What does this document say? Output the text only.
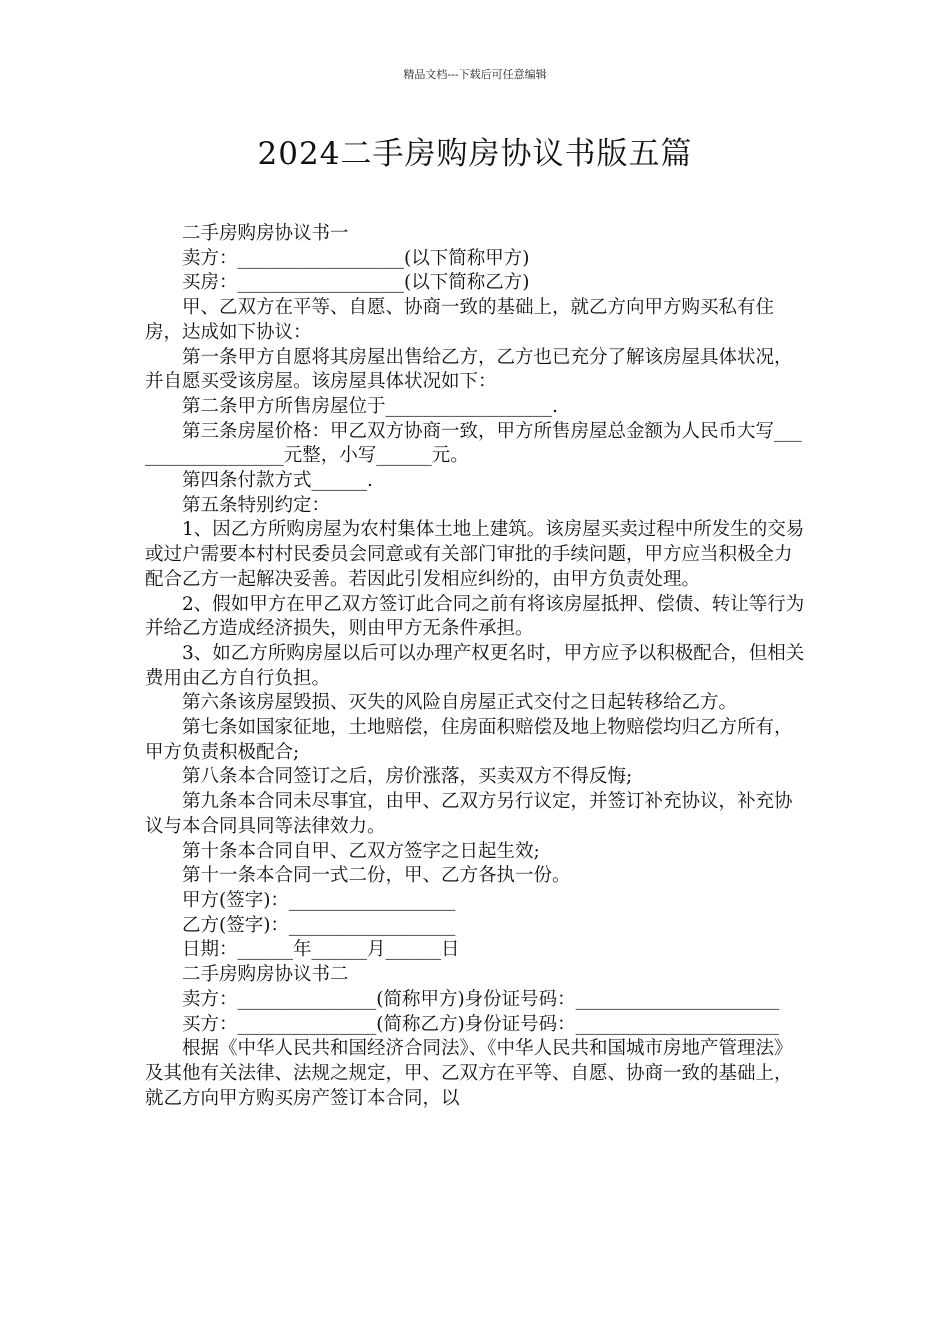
精品文档---下载后可任意编辑
2024二手房购房协议书版五篇

二手房购房协议书一

卖方：__________________(以下简称甲方)

买房：__________________(以下简称乙方)

甲、乙双方在平等、自愿、协商一致的基础上，就乙方向甲方购买私有住房，达成如下协议：

第一条甲方自愿将其房屋出售给乙方，乙方也已充分了解该房屋具体状况，并自愿买受该房屋。该房屋具体状况如下：

第二条甲方所售房屋位于__________________.

第三条房屋价格：甲乙双方协商一致，甲方所售房屋总金额为人民币大写__________________元整，小写______元。

第四条付款方式______.

第五条特别约定：

1、因乙方所购房屋为农村集体土地上建筑。该房屋买卖过程中所发生的交易或过户需要本村村民委员会同意或有关部门审批的手续问题，甲方应当积极全力配合乙方一起解决妥善。若因此引发相应纠纷的，由甲方负责处理。

2、假如甲方在甲乙双方签订此合同之前有将该房屋抵押、偿债、转让等行为并给乙方造成经济损失，则由甲方无条件承担。

3、如乙方所购房屋以后可以办理产权更名时，甲方应予以积极配合，但相关费用由乙方自行负担。

第六条该房屋毁损、灭失的风险自房屋正式交付之日起转移给乙方。

第七条如国家征地，土地赔偿，住房面积赔偿及地上物赔偿均归乙方所有，甲方负责积极配合;

第八条本合同签订之后，房价涨落，买卖双方不得反悔;

第九条本合同未尽事宜，由甲、乙双方另行议定，并签订补充协议，补充协议与本合同具同等法律效力。

第十条本合同自甲、乙双方签字之日起生效;

第十一条本合同一式二份，甲、乙方各执一份。

甲方(签字)：__________________

乙方(签字)：__________________

日期：______年______月______日

二手房购房协议书二

卖方：_______________(简称甲方)身份证号码：______________________

买方：_______________(简称乙方)身份证号码：______________________

根据《中华人民共和国经济合同法》、《中华人民共和国城市房地产管理法》及其他有关法律、法规之规定，甲、乙双方在平等、自愿、协商一致的基础上，就乙方向甲方购买房产签订本合同，以
